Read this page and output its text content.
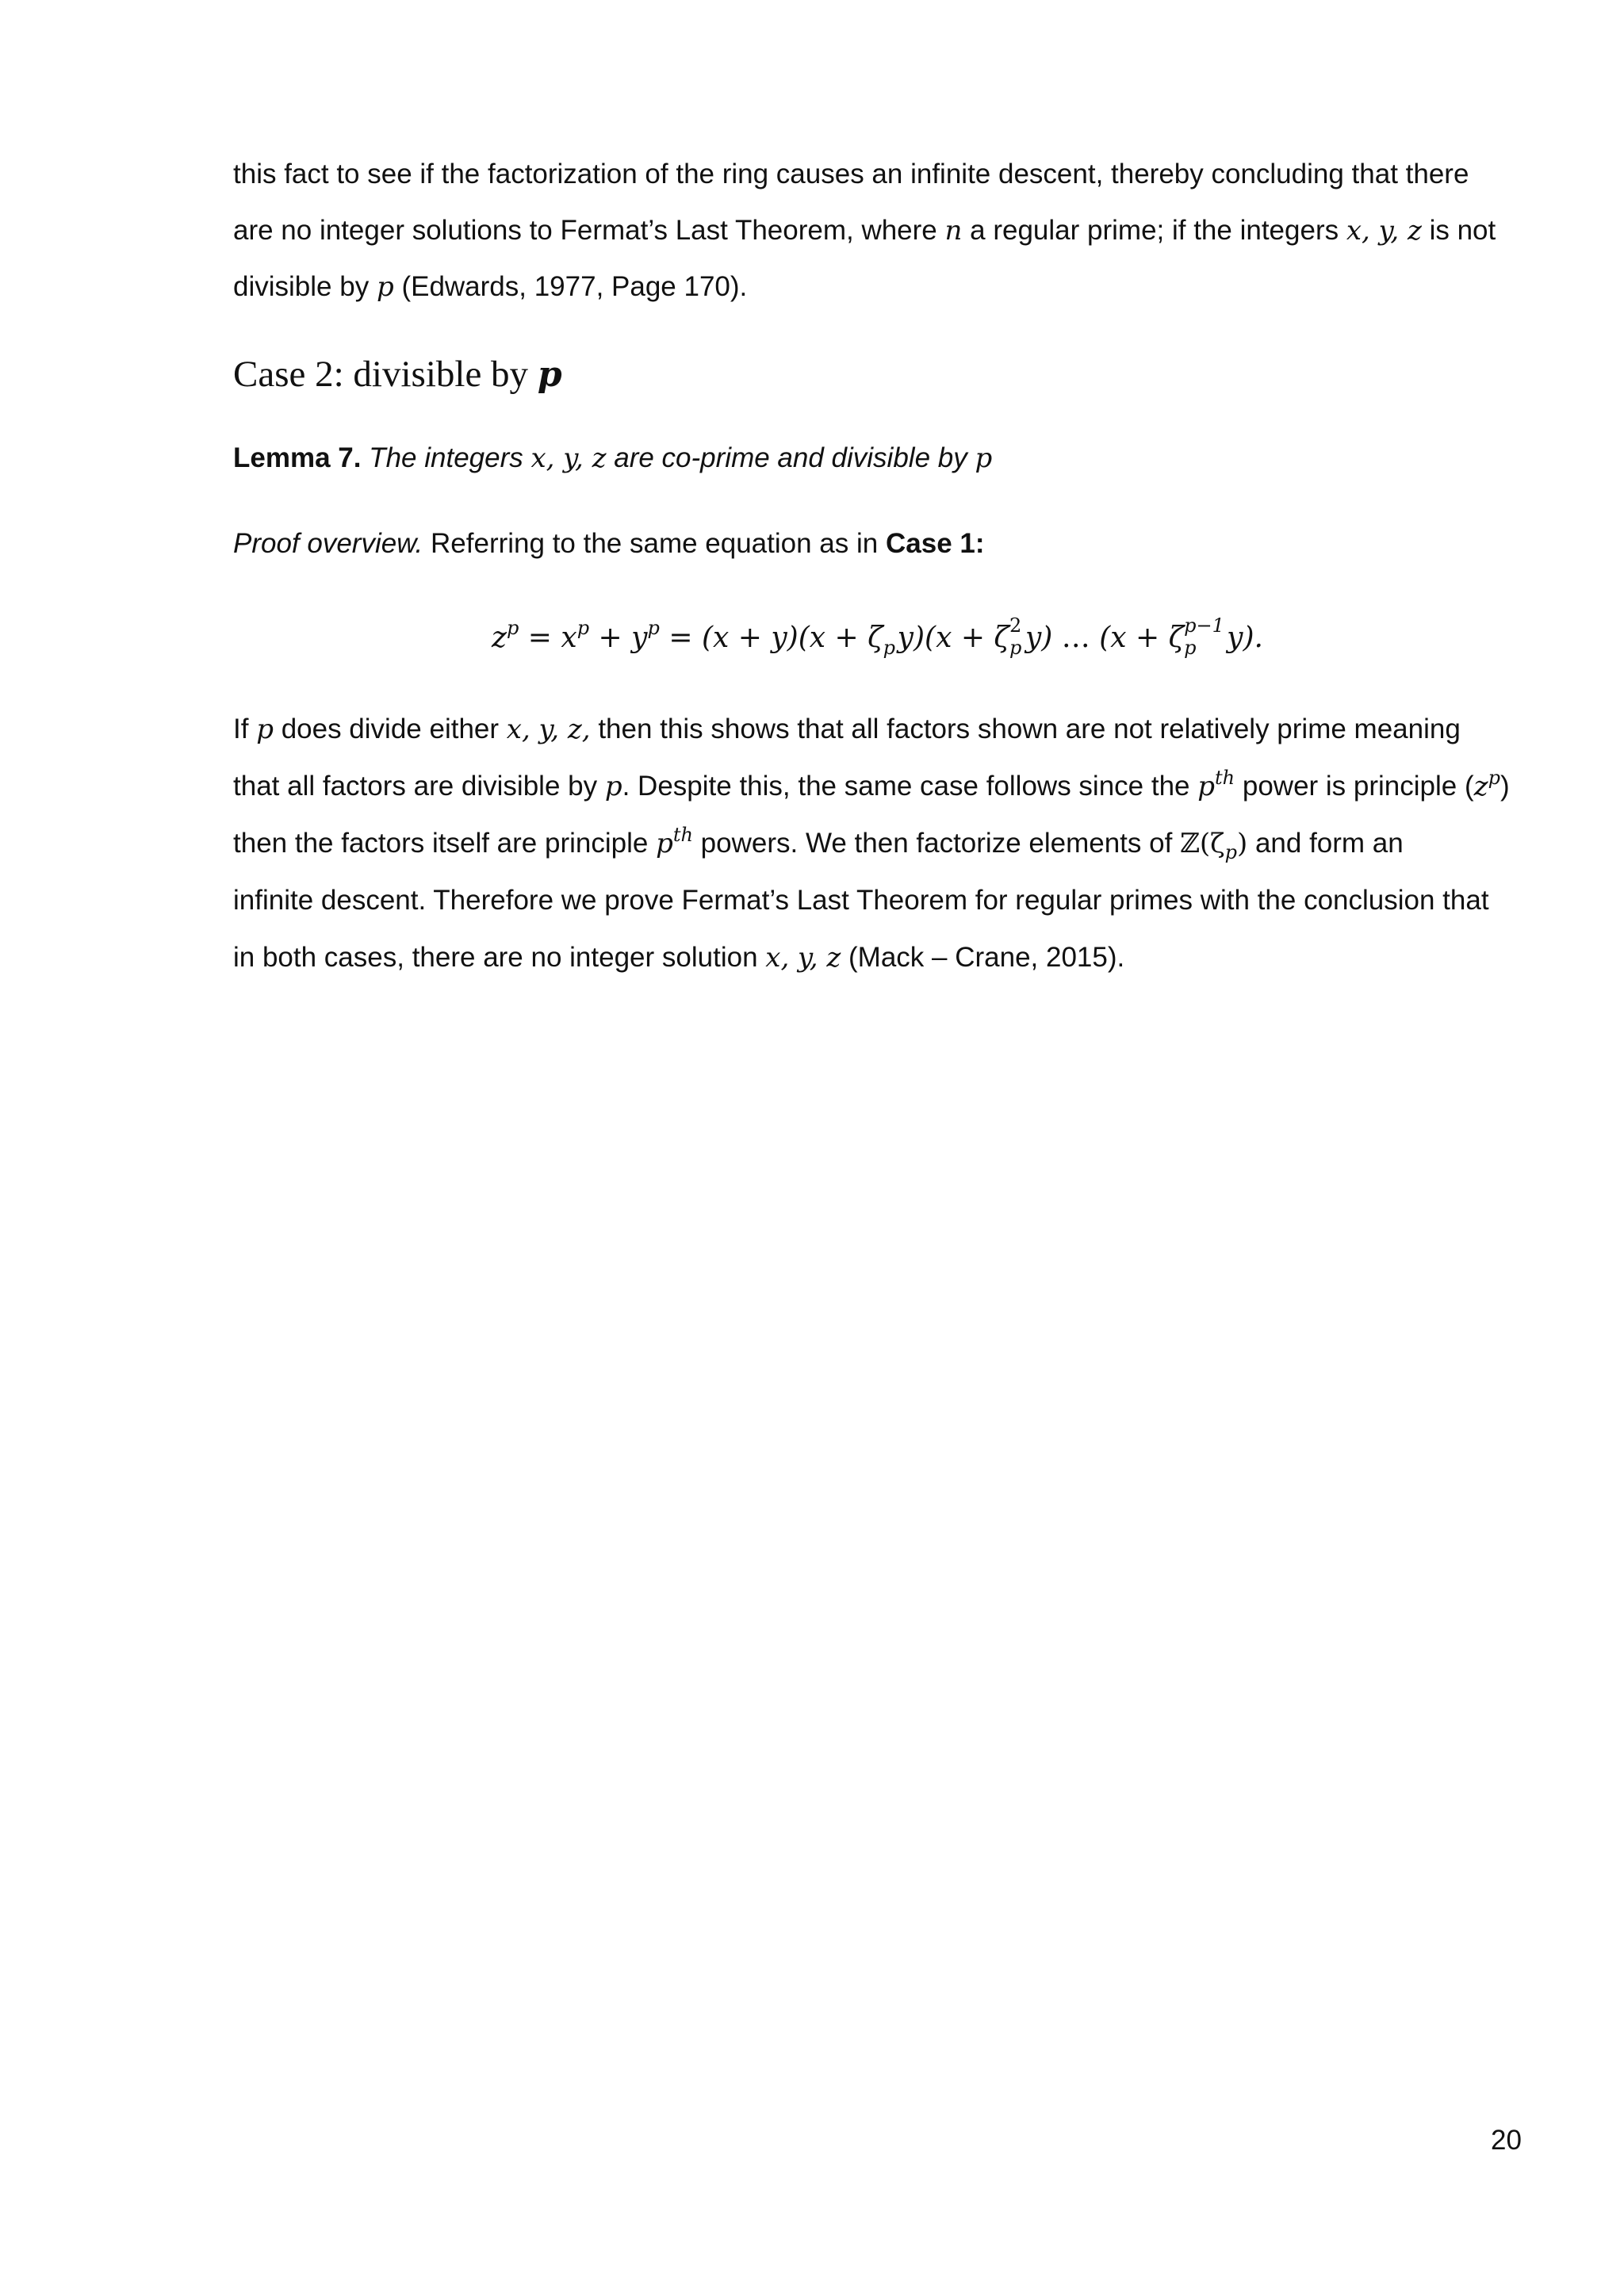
this fact to see if the factorization of the ring causes an infinite descent, thereby concluding that there
are no integer solutions to Fermat’s Last Theorem, where n a regular prime; if the integers x, y, z is not
divisible by p (Edwards, 1977, Page 170).
Case 2: divisible by p
Lemma 7. The integers x, y, z are co-prime and divisible by p
Proof overview. Referring to the same equation as in Case 1:
$z^p = x^p + y^p = (x + y)(x + \zeta$ p y)(x + ζ 2
p y) … (x + ζ p−1
p y).
If p does divide either x, y, z, then this shows that all factors shown are not relatively prime meaning
that all factors are divisible by p. Despite this, the same case follows since the $p^{th}$ power is principle $(z^p)$
then the factors itself are principle $p^{th}$ powers. We then factorize elements of $ℤ(\zeta_p)$ and form an
infinite descent. Therefore we prove Fermat’s Last Theorem for regular primes with the conclusion that
in both cases, there are no integer solution x, y, z (Mack – Crane, 2015).
20
